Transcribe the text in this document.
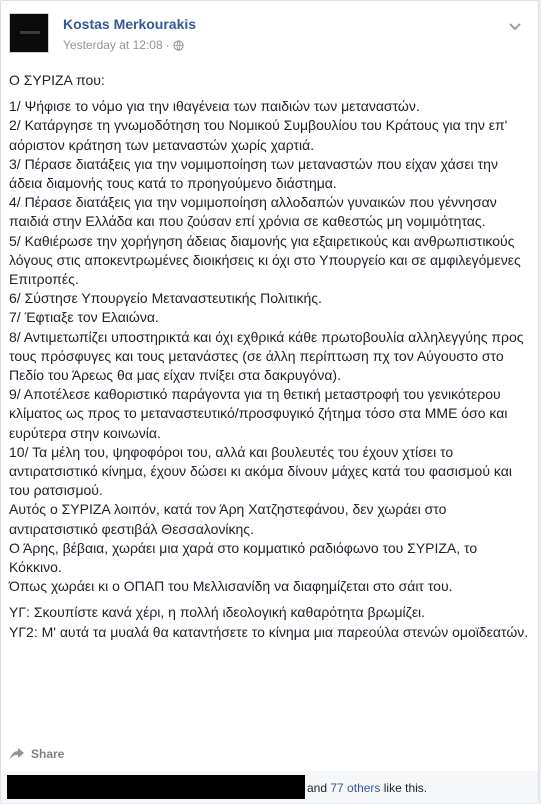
Kostas Merkourakis
Yesterday at 12:08 ·

Ο ΣΥΡΙΖΑ που:

1/ Ψήφισε το νόμο για την ιθαγένεια των παιδιών των μεταναστών.

2/ Κατάργησε τη γνωμοδότηση του Νομικού Συμβουλίου του Κράτους για την επ' αόριστον κράτηση των μεταναστών χωρίς χαρτιά.

3/ Πέρασε διατάξεις για την νομιμοποίηση των μεταναστών που είχαν χάσει την άδεια διαμονής τους κατά το προηγούμενο διάστημα.

4/ Πέρασε διατάξεις για την νομιμοποίηση αλλοδαπών γυναικών που γέννησαν παιδιά στην Ελλάδα και που ζούσαν επί χρόνια σε καθεστώς μη νομιμότητας.

5/ Καθιέρωσε την χορήγηση άδειας διαμονής για εξαιρετικούς και ανθρωπιστικούς λόγους στις αποκεντρωμένες διοικήσεις κι όχι στο Υπουργείο και σε αμφιλεγόμενες Επιτροπές.

6/ Σύστησε Υπουργείο Μεταναστευτικής Πολιτικής.

7/ Έφτιαξε τον Ελαιώνα.

8/ Αντιμετωπίζει υποστηρικτά και όχι εχθρικά κάθε πρωτοβουλία αλληλεγγύης προς τους πρόσφυγες και τους μετανάστες (σε άλλη περίπτωση πχ τον Αύγουστο στο Πεδίο του Άρεως θα μας είχαν πνίξει στα δακρυγόνα).

9/ Αποτέλεσε καθοριστικό παράγοντα για τη θετική μεταστροφή του γενικότερου κλίματος ως προς το μεταναστευτικό/προσφυγικό ζήτημα τόσο στα ΜΜΕ όσο και ευρύτερα στην κοινωνία.

10/ Τα μέλη του, ψηφοφόροι του, αλλά και βουλευτές του έχουν χτίσει το αντιρατσιστικό κίνημα, έχουν δώσει κι ακόμα δίνουν μάχες κατά του φασισμού και του ρατσισμού.

Αυτός ο ΣΥΡΙΖΑ λοιπόν, κατά τον Άρη Χατζηστεφάνου, δεν χωράει στο αντιρατσιστικό φεστιβάλ Θεσσαλονίκης.

Ο Άρης, βέβαια, χωράει μια χαρά στο κομματικό ραδιόφωνο του ΣΥΡΙΖΑ, το Κόκκινο.

Όπως χωράει κι ο ΟΠΑΠ του Μελλισανίδη να διαφημίζεται στο σάιτ του.

ΥΓ: Σκουπίστε κανά χέρι, η πολλή ιδεολογική καθαρότητα βρωμίζει.

ΥΓ2: Μ' αυτά τα μυαλά θα καταντήσετε το κίνημα μια παρεούλα στενών ομοϊδεατών.

Share
and 77 others like this.
